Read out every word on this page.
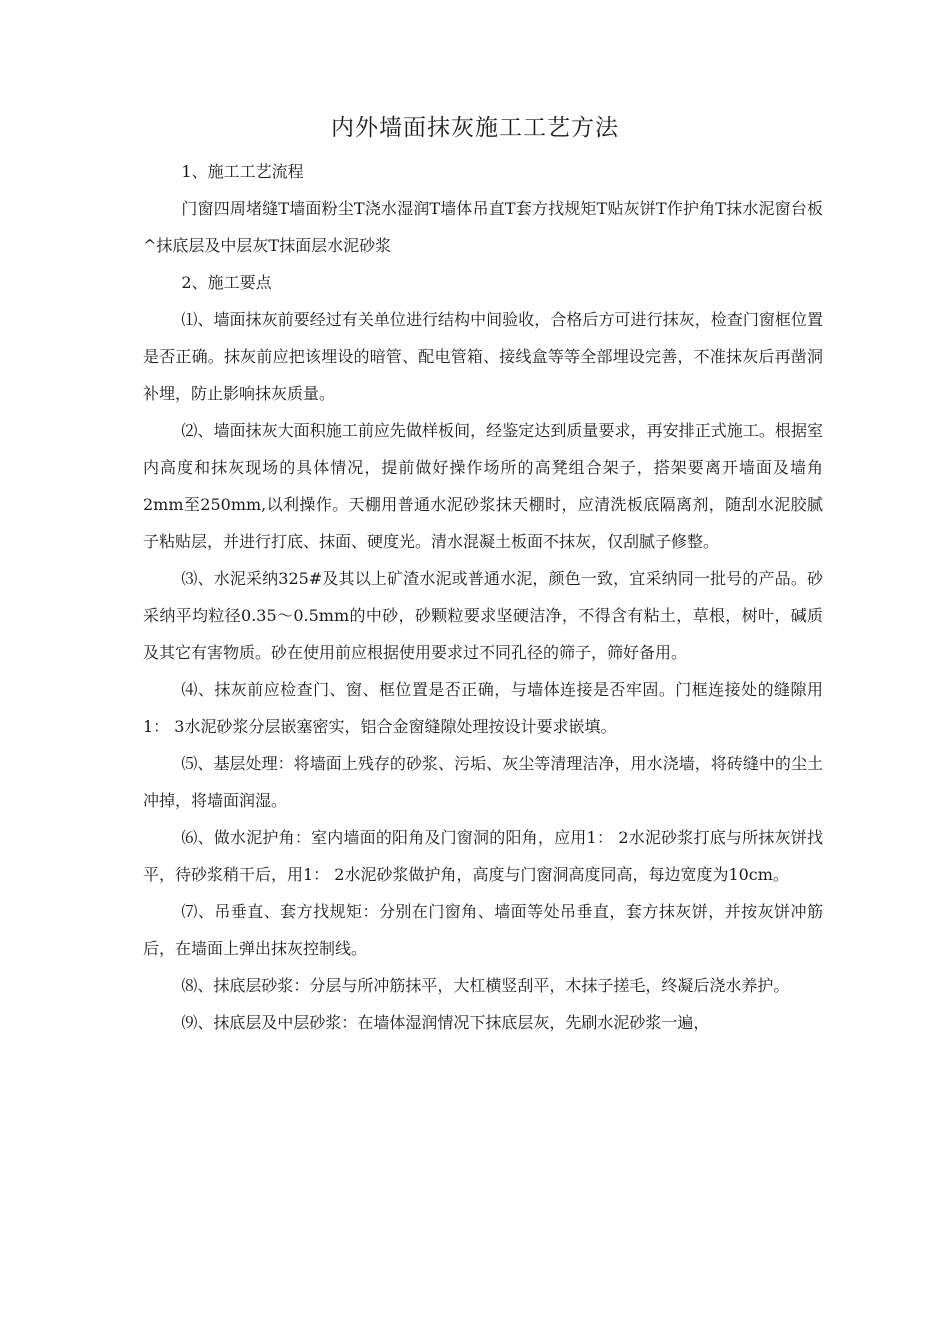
内外墙面抹灰施工工艺方法

1、施工工艺流程

门窗四周堵缝T墙面粉尘T浇水湿润T墙体吊直T套方找规矩T贴灰饼T作护角T抹水泥窗台板^抹底层及中层灰T抹面层水泥砂浆

2、施工要点

⑴、墙面抹灰前要经过有关单位进行结构中间验收，合格后方可进行抹灰，检查门窗框位置是否正确。抹灰前应把该埋设的暗管、配电管箱、接线盒等等全部埋设完善，不准抹灰后再凿洞补埋，防止影响抹灰质量。

⑵、墙面抹灰大面积施工前应先做样板间，经鉴定达到质量要求，再安排正式施工。根据室内高度和抹灰现场的具体情况，提前做好操作场所的高凳组合架子，搭架要离开墙面及墙角2mm至250mm,以利操作。天棚用普通水泥砂浆抹天棚时，应清洗板底隔离剂，随刮水泥胶腻子粘贴层，并进行打底、抹面、硬度光。清水混凝土板面不抹灰，仅刮腻子修整。

⑶、水泥采纳325#及其以上矿渣水泥或普通水泥，颜色一致，宜采纳同一批号的产品。砂采纳平均粒径0.35〜0.5mm的中砂，砂颗粒要求坚硬洁净，不得含有粘土，草根，树叶，碱质及其它有害物质。砂在使用前应根据使用要求过不同孔径的筛子，筛好备用。

⑷、抹灰前应检查门、窗、框位置是否正确，与墙体连接是否牢固。门框连接处的缝隙用1： 3水泥砂浆分层嵌塞密实，铝合金窗缝隙处理按设计要求嵌填。

⑸、基层处理：将墙面上残存的砂浆、污垢、灰尘等清理洁净，用水浇墙，将砖缝中的尘土冲掉，将墙面润湿。

⑹、做水泥护角：室内墙面的阳角及门窗洞的阳角，应用1： 2水泥砂浆打底与所抹灰饼找平，待砂浆稍干后，用1： 2水泥砂浆做护角，高度与门窗洞高度同高，每边宽度为10cm。

⑺、吊垂直、套方找规矩：分别在门窗角、墙面等处吊垂直，套方抹灰饼，并按灰饼冲筋后，在墙面上弹出抹灰控制线。

⑻、抹底层砂浆：分层与所冲筋抹平，大杠横竖刮平，木抹子搓毛，终凝后浇水养护。

⑼、抹底层及中层砂浆：在墙体湿润情况下抹底层灰，先刷水泥砂浆一遍，
